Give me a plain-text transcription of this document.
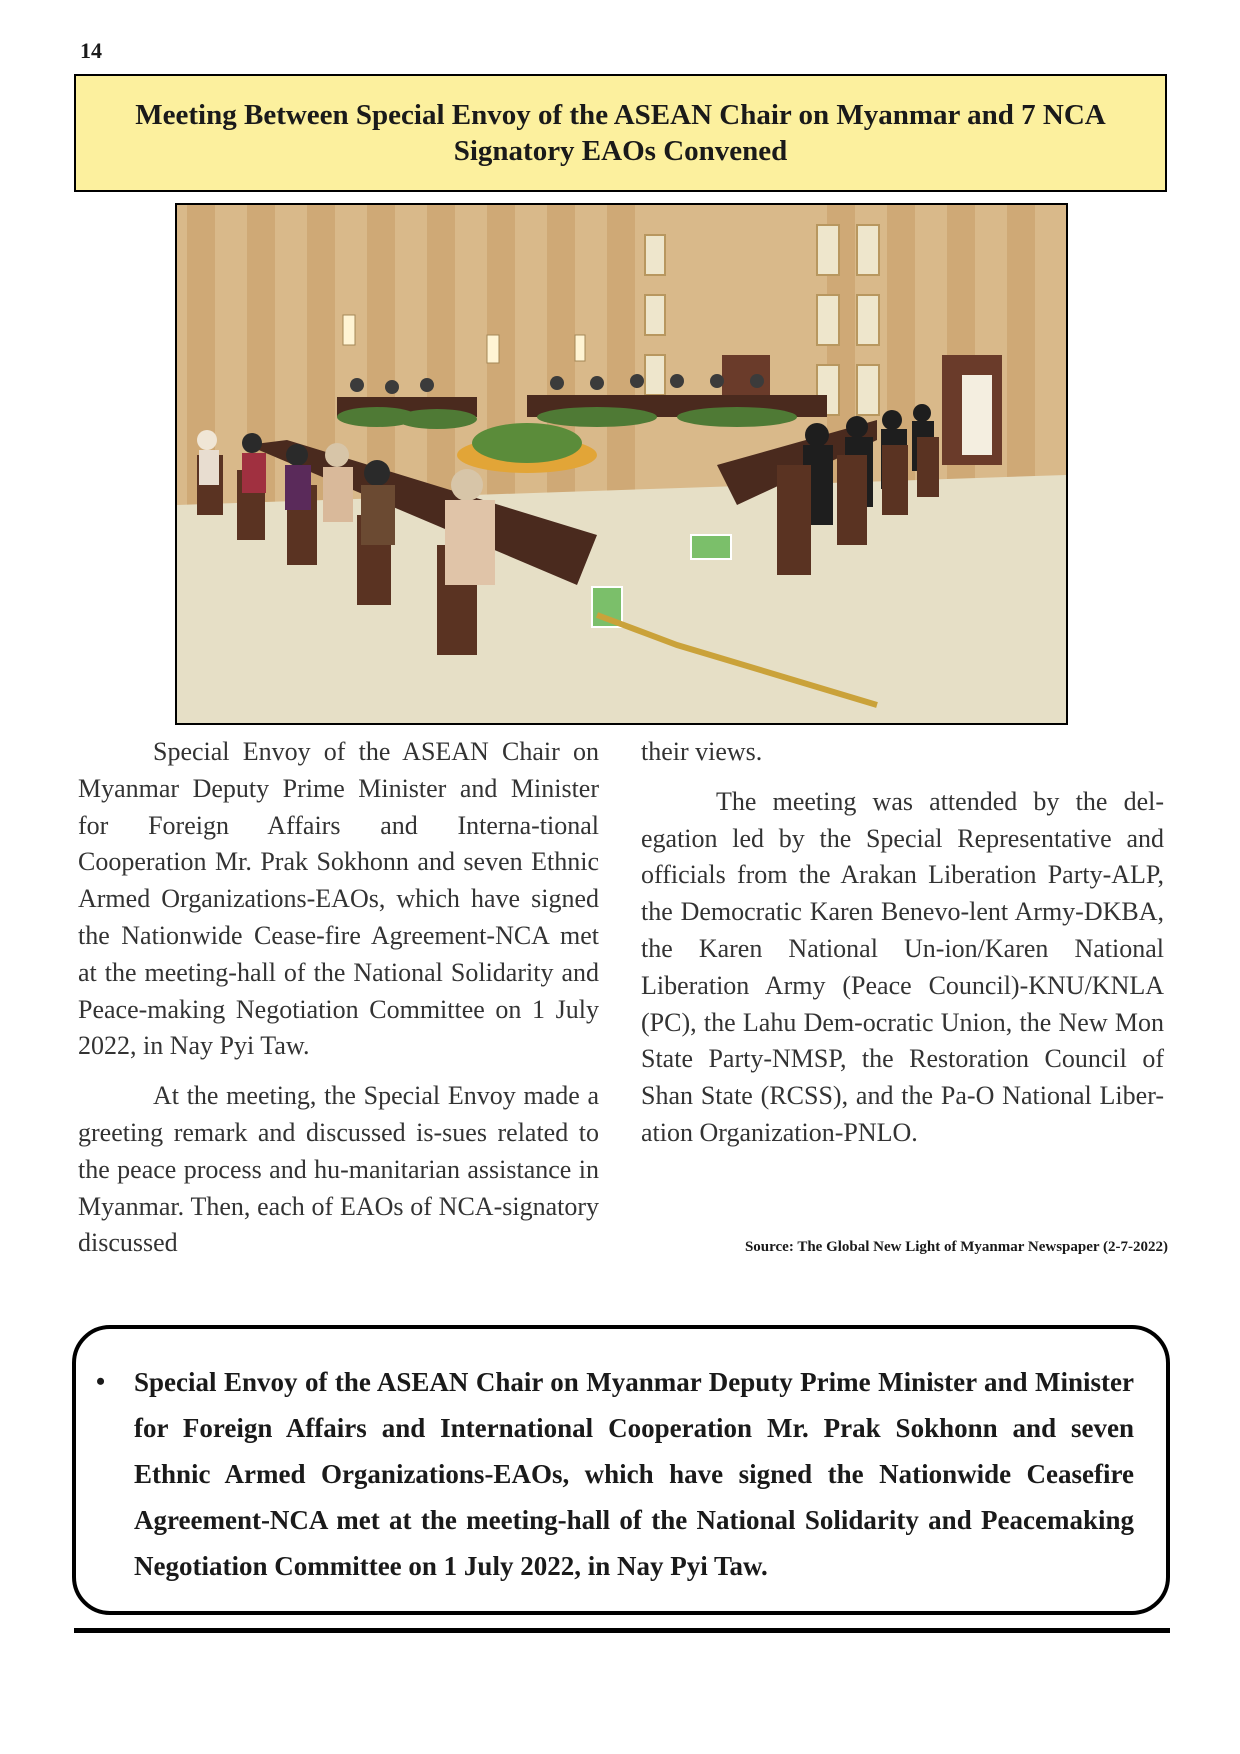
14
Meeting Between Special Envoy of the ASEAN Chair on Myanmar and 7 NCA Signatory EAOs Convened

Special Envoy of the ASEAN Chair on Myanmar Deputy Prime Minister and Minister for Foreign Affairs and Interna-tional Cooperation Mr. Prak Sokhonn and seven Ethnic Armed Organizations-EAOs, which have signed the Nationwide Cease-fire Agreement-NCA met at the meeting-hall of the National Solidarity and Peace-making Negotiation Committee on 1 July 2022, in Nay Pyi Taw.

At the meeting, the Special Envoy made a greeting remark and discussed is-sues related to the peace process and hu-manitarian assistance in Myanmar. Then, each of EAOs of NCA-signatory discussed

their views.

The meeting was attended by the del-egation led by the Special Representative and officials from the Arakan Liberation Party-ALP, the Democratic Karen Benevo-lent Army-DKBA, the Karen National Un-ion/Karen National Liberation Army (Peace Council)-KNU/KNLA (PC), the Lahu Dem-ocratic Union, the New Mon State Party-NMSP, the Restoration Council of Shan State (RCSS), and the Pa-O National Liber-ation Organization-PNLO.

Source: The Global New Light of Myanmar Newspaper (2-7-2022)
• Special Envoy of the ASEAN Chair on Myanmar Deputy Prime Minister and Minister for Foreign Affairs and International Cooperation Mr. Prak Sokhonn and seven Ethnic Armed Organizations-EAOs, which have signed the Nationwide Ceasefire Agreement-NCA met at the meeting-hall of the National Solidarity and Peacemaking Negotiation Committee on 1 July 2022, in Nay Pyi Taw.
